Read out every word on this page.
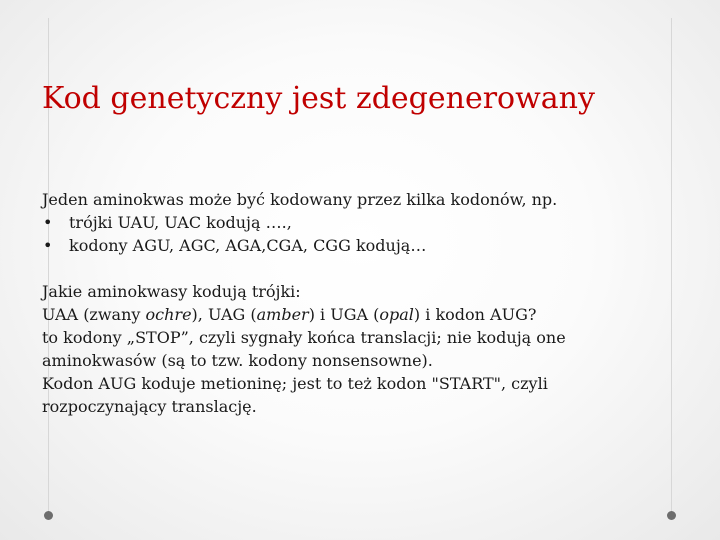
Kod genetyczny jest zdegenerowany
Jeden aminokwas może być kodowany przez kilka kodonów, np.
• trójki UAU, UAC kodują ….,
• kodony AGU, AGC, AGA,CGA, CGG kodują…
Jakie aminokwasy kodują trójki:
UAA (zwany ochre), UAG (amber) i UGA (opal) i kodon AUG?
to kodony „STOP”, czyli sygnały końca translacji; nie kodują one
aminokwasów (są to tzw. kodony nonsensowne).
Kodon AUG koduje metioninę; jest to też kodon "START", czyli
rozpoczynający translację.
